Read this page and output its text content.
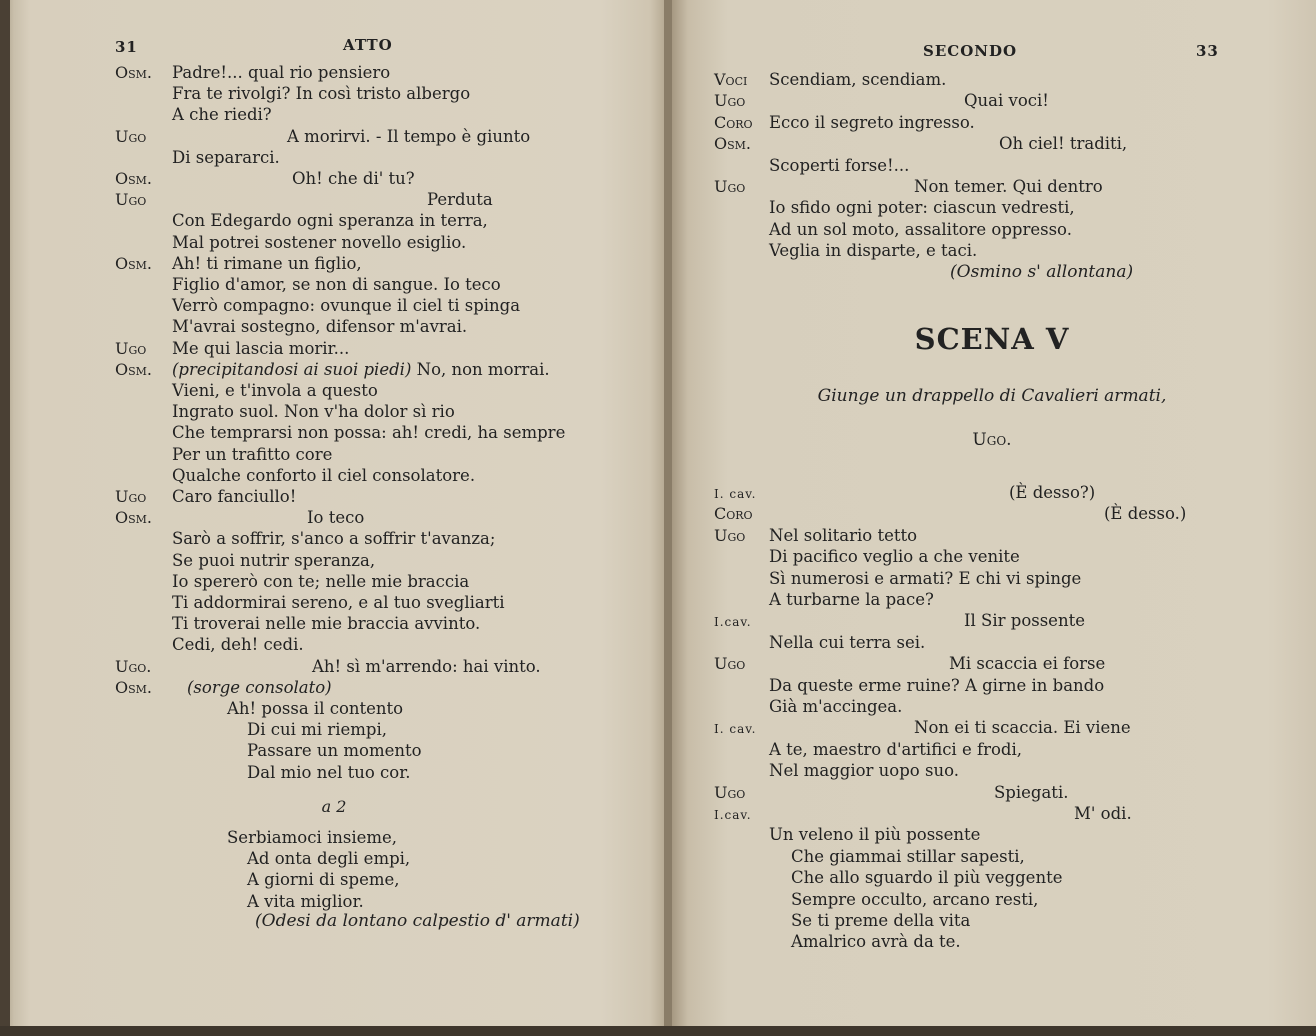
31	ATTO
Osm. Padre!... qual rio pensiero
Fra te rivolgi? In così tristo albergo
A che riedi?
Ugo	A morirvi. - Il tempo è giunto
Di separarci.
Osm.	Oh! che di' tu?
Ugo	Perduta
Con Edegardo ogni speranza in terra,
Mal potrei sostener novello esiglio.
Osm. Ah! ti rimane un figlio,
Figlio d'amor, se non di sangue. Io teco
Verrò compagno: ovunque il ciel ti spinga
M'avrai sostegno, difensor m'avrai.
Ugo Me qui lascia morir...
Osm. (precipitandosi ai suoi piedi) No, non morrai.
Vieni, e t'invola a questo
Ingrato suol. Non v'ha dolor sì rio
Che temprarsi non possa: ah! credi, ha sempre
Per un trafitto core
Qualche conforto il ciel consolatore.
Ugo Caro fanciullo!
Osm.	Io teco
Sarò a soffrir, s'anco a soffrir t'avanza;
Se puoi nutrir speranza,
Io spererò con te; nelle mie braccia
Ti addormirai sereno, e al tuo svegliarti
Ti troverai nelle mie braccia avvinto.
Cedi, deh! cedi.
Ugo.	Ah! sì m'arrendo: hai vinto.
Osm. (sorge consolato)
Ah! possa il contento
Di cui mi riempi,
Passare un momento
Dal mio nel tuo cor.
a 2
Serbiamoci insieme,
Ad onta degli empi,
A giorni di speme,
A vita miglior.
(Odesi da lontano calpestio d' armati)
SECONDO	33
Voci Scendiam, scendiam.
Ugo	Quai voci!
Coro Ecco il segreto ingresso.
Osm.	Oh ciel! traditi,
Scoperti forse!...
Ugo	Non temer. Qui dentro
Io sfido ogni poter: ciascun vedresti,
Ad un sol moto, assalitore oppresso.
Veglia in disparte, e taci.
(Osmino s' allontana)
SCENA V
Giunge un drappello di Cavalieri armati,
Ugo.
I. cav.	(È desso?)
Coro	(È desso.)
Ugo Nel solitario tetto
Di pacifico veglio a che venite
Sì numerosi e armati? E chi vi spinge
A turbarne la pace?
I.cav.	Il Sir possente
Nella cui terra sei.
Ugo	Mi scaccia ei forse
Da queste erme ruine? A girne in bando
Già m'accingea.
I. cav.	Non ei ti scaccia. Ei viene
A te, maestro d'artifici e frodi,
Nel maggior uopo suo.
Ugo	Spiegati.
I.cav.	M' odi.
Un veleno il più possente
Che giammai stillar sapesti,
Che allo sguardo il più veggente
Sempre occulto, arcano resti,
Se ti preme della vita
Amalrico avrà da te.
